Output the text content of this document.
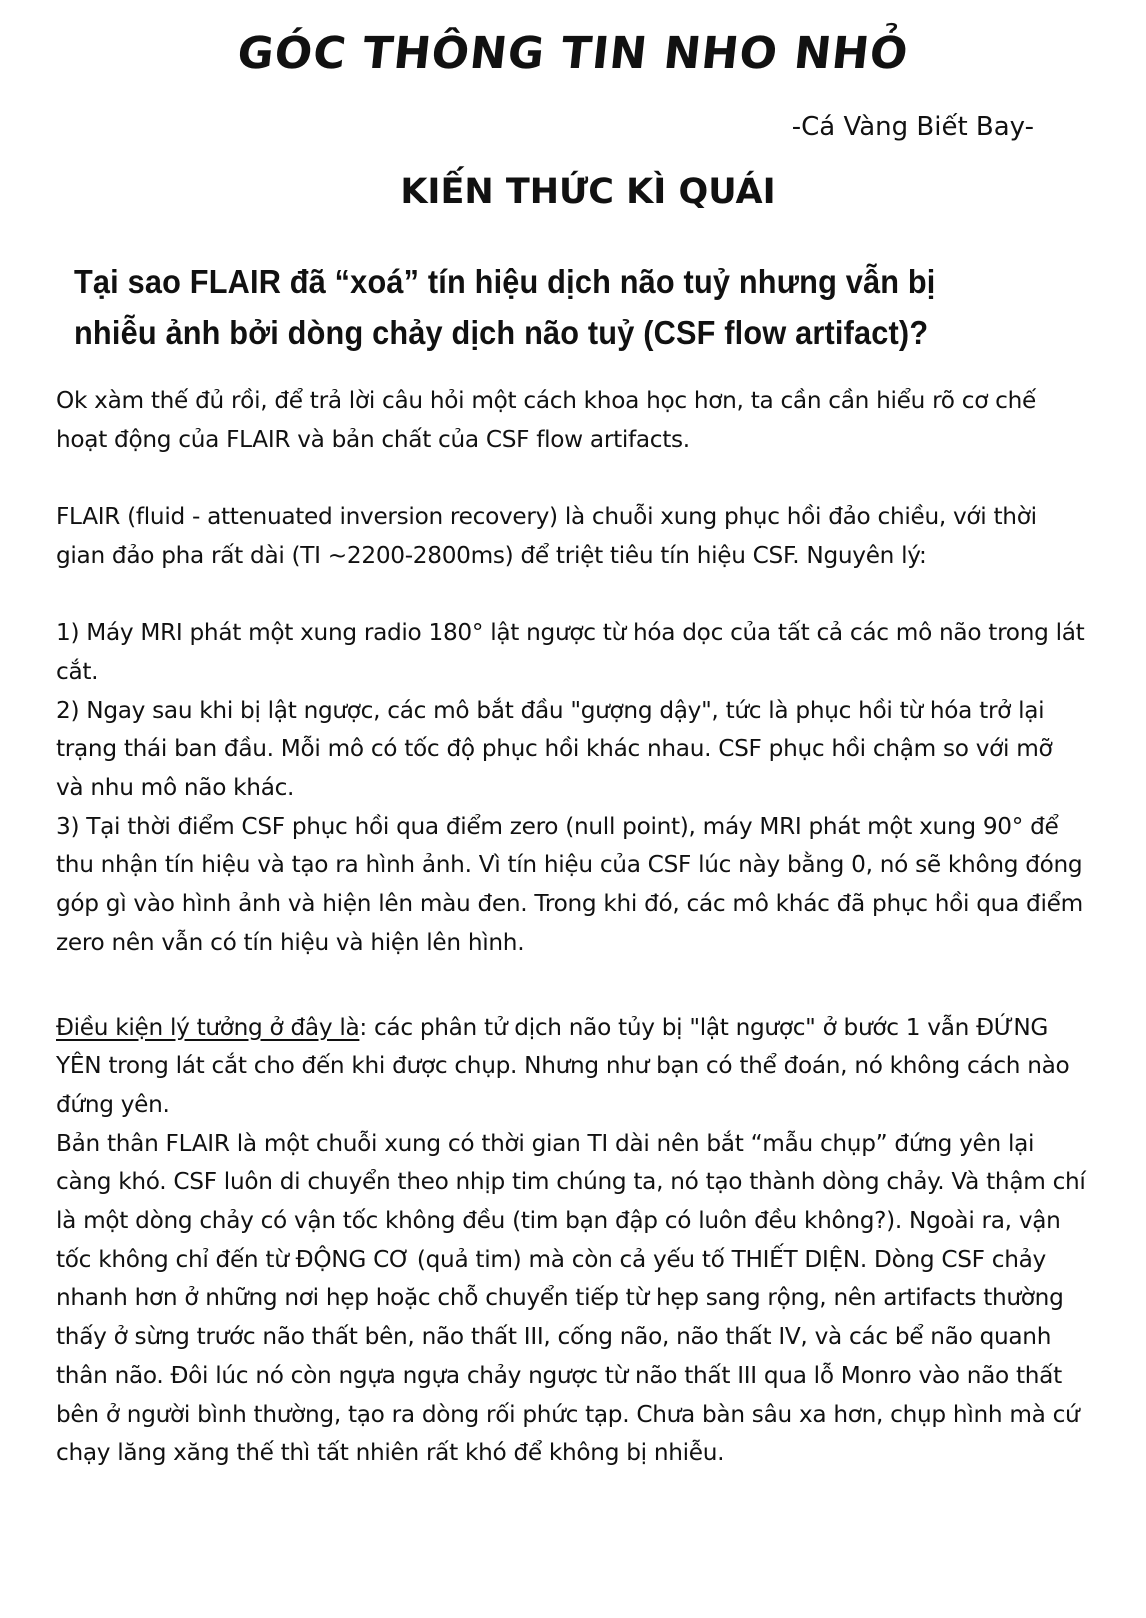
GÓC THÔNG TIN NHO NHỎ

-Cá Vàng Biết Bay-

KIẾN THỨC KÌ QUÁI
Tại sao FLAIR đã “xoá” tín hiệu dịch não tuỷ nhưng vẫn bị
nhiễu ảnh bởi dòng chảy dịch não tuỷ (CSF flow artifact)?

Ok xàm thế đủ rồi, để trả lời câu hỏi một cách khoa học hơn, ta cần cần hiểu rõ cơ chế hoạt động của FLAIR và bản chất của CSF flow artifacts.

FLAIR (fluid - attenuated inversion recovery) là chuỗi xung phục hồi đảo chiều, với thời gian đảo pha rất dài (TI ~2200-2800ms) để triệt tiêu tín hiệu CSF. Nguyên lý:

1) Máy MRI phát một xung radio 180° lật ngược từ hóa dọc của tất cả các mô não trong lát cắt.

2) Ngay sau khi bị lật ngược, các mô bắt đầu "gượng dậy", tức là phục hồi từ hóa trở lại trạng thái ban đầu. Mỗi mô có tốc độ phục hồi khác nhau. CSF phục hồi chậm so với mỡ và nhu mô não khác.

3) Tại thời điểm CSF phục hồi qua điểm zero (null point), máy MRI phát một xung 90° để thu nhận tín hiệu và tạo ra hình ảnh. Vì tín hiệu của CSF lúc này bằng 0, nó sẽ không đóng góp gì vào hình ảnh và hiện lên màu đen. Trong khi đó, các mô khác đã phục hồi qua điểm zero nên vẫn có tín hiệu và hiện lên hình.

Điều kiện lý tưởng ở đây là: các phân tử dịch não tủy bị "lật ngược" ở bước 1 vẫn ĐỨNG YÊN trong lát cắt cho đến khi được chụp. Nhưng như bạn có thể đoán, nó không cách nào đứng yên.

Bản thân FLAIR là một chuỗi xung có thời gian TI dài nên bắt “mẫu chụp” đứng yên lại càng khó. CSF luôn di chuyển theo nhịp tim chúng ta, nó tạo thành dòng chảy. Và thậm chí là một dòng chảy có vận tốc không đều (tim bạn đập có luôn đều không?). Ngoài ra, vận tốc không chỉ đến từ ĐỘNG CƠ (quả tim) mà còn cả yếu tố THIẾT DIỆN. Dòng CSF chảy nhanh hơn ở những nơi hẹp hoặc chỗ chuyển tiếp từ hẹp sang rộng, nên artifacts thường thấy ở sừng trước não thất bên, não thất III, cống não, não thất IV, và các bể não quanh thân não. Đôi lúc nó còn ngựa ngựa chảy ngược từ não thất III qua lỗ Monro vào não thất bên ở người bình thường, tạo ra dòng rối phức tạp. Chưa bàn sâu xa hơn, chụp hình mà cứ chạy lăng xăng thế thì tất nhiên rất khó để không bị nhiễu.
